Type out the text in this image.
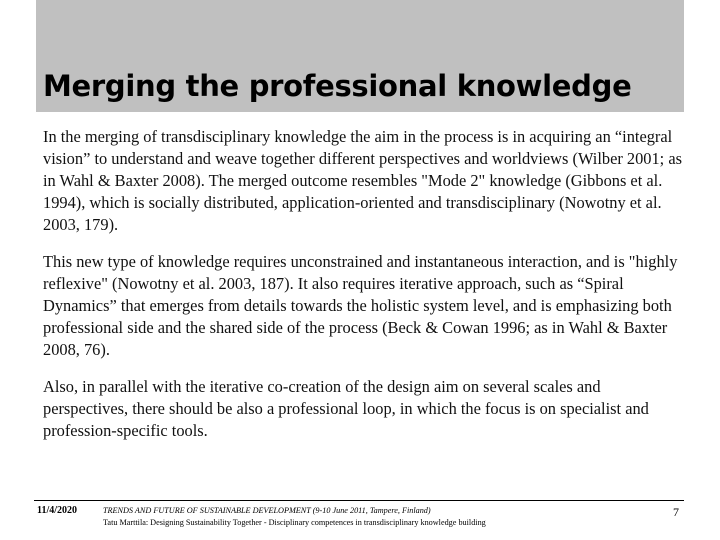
Merging the professional knowledge

In the merging of transdisciplinary knowledge the aim in the process is in acquiring an “integral vision” to understand and weave together different perspectives and worldviews (Wilber 2001; as in Wahl & Baxter 2008). The merged outcome resembles "Mode 2" knowledge (Gibbons et al. 1994), which is socially distributed, application-oriented and transdisciplinary (Nowotny et al. 2003, 179).

This new type of knowledge requires unconstrained and instantaneous interaction, and is "highly reflexive" (Nowotny et al. 2003, 187). It also requires iterative approach, such as “Spiral Dynamics” that emerges from details towards the holistic system level, and is emphasizing both professional side and the shared side of the process (Beck & Cowan 1996; as in Wahl & Baxter 2008, 76).

Also, in parallel with the iterative co-creation of the design aim on several scales and perspectives, there should be also a professional loop, in which the focus is on specialist and profession-specific tools.

11/4/2020	TRENDS AND FUTURE OF SUSTAINABLE DEVELOPMENT (9-10 June 2011, Tampere, Finland)
Tatu Marttila: Designing Sustainability Together - Disciplinary competences in transdisciplinary knowledge building
7
